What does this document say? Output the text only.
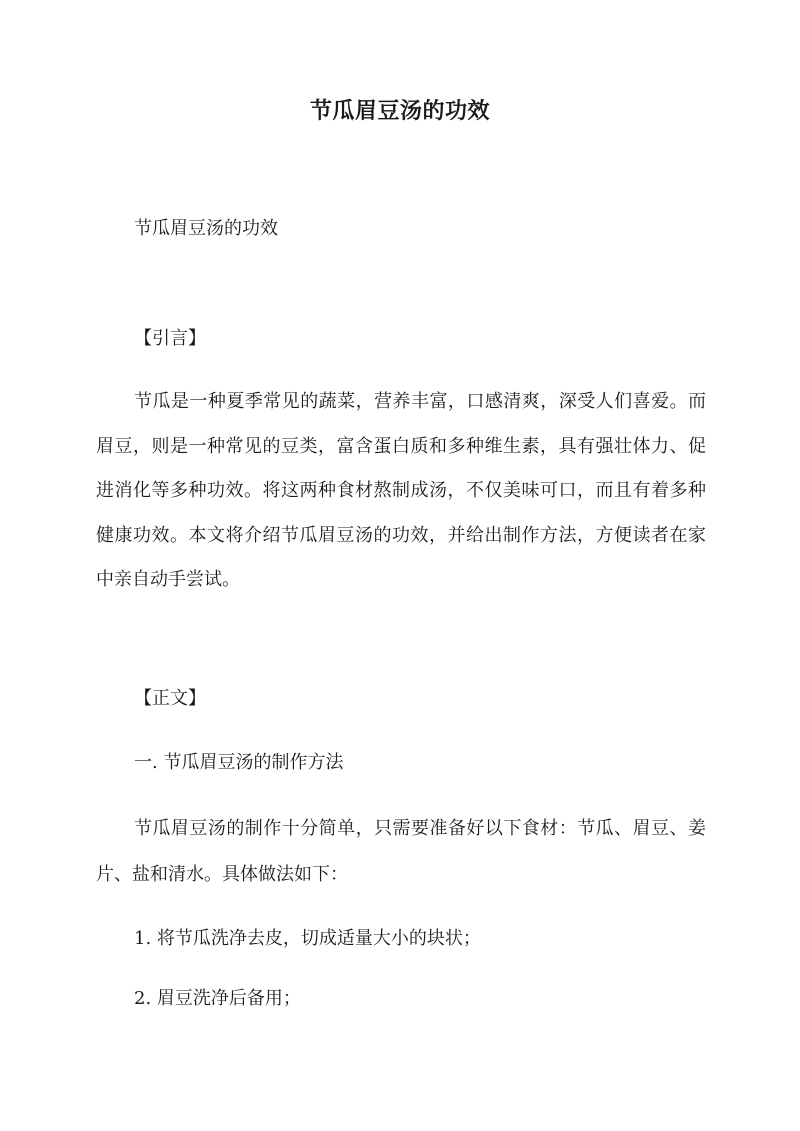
节瓜眉豆汤的功效
节瓜眉豆汤的功效
【引言】

节瓜是一种夏季常见的蔬菜，营养丰富，口感清爽，深受人们喜爱。而眉豆，则是一种常见的豆类，富含蛋白质和多种维生素，具有强壮体力、促进消化等多种功效。将这两种食材熬制成汤，不仅美味可口，而且有着多种健康功效。本文将介绍节瓜眉豆汤的功效，并给出制作方法，方便读者在家中亲自动手尝试。

【正文】
一. 节瓜眉豆汤的制作方法

节瓜眉豆汤的制作十分简单，只需要准备好以下食材：节瓜、眉豆、姜片、盐和清水。具体做法如下：

1. 将节瓜洗净去皮，切成适量大小的块状；
2. 眉豆洗净后备用；
